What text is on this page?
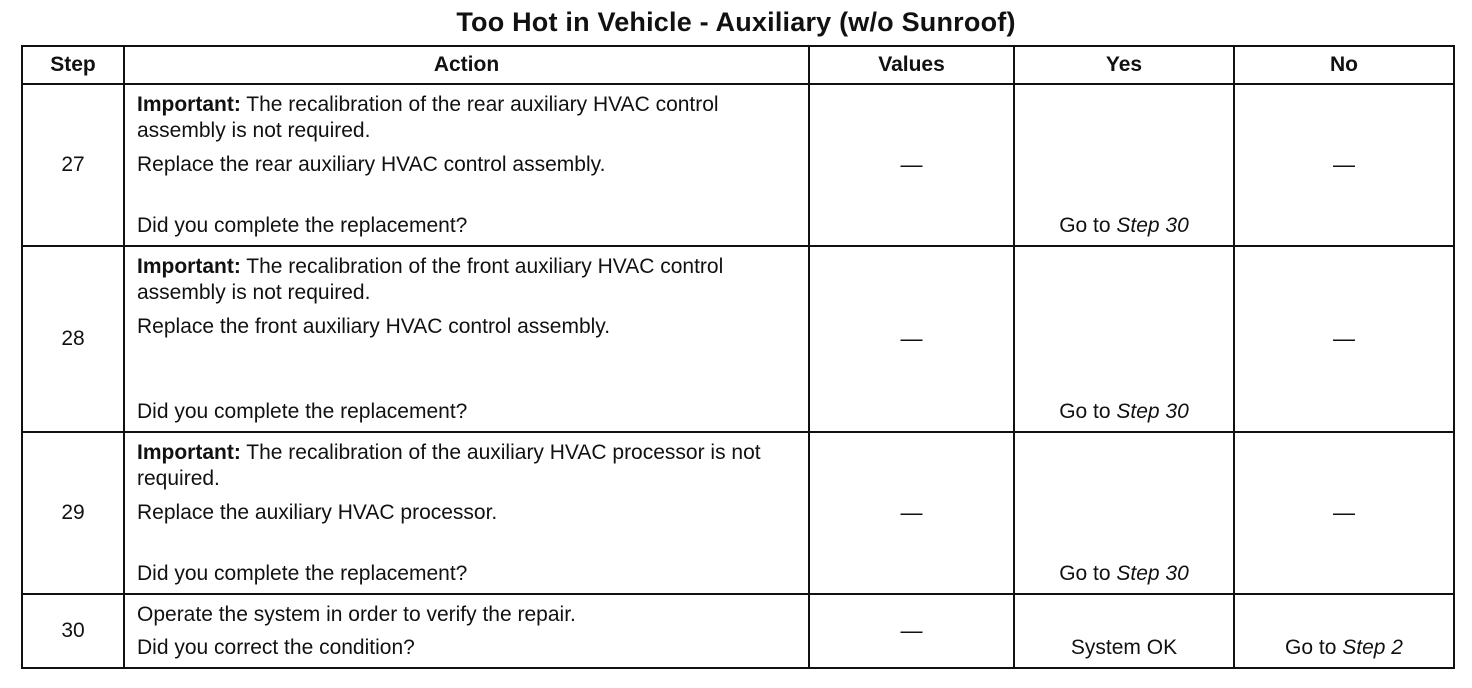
Too Hot in Vehicle - Auxiliary (w/o Sunroof)
Step	Action	Values	Yes	No
27	Important: The recalibration of the rear auxiliary HVAC control assembly is not required.
Replace the rear auxiliary HVAC control assembly.
Did you complete the replacement?	—	Go to Step 30	—
28	Important: The recalibration of the front auxiliary HVAC control assembly is not required.
Replace the front auxiliary HVAC control assembly.
Did you complete the replacement?	—	Go to Step 30	—
29	Important: The recalibration of the auxiliary HVAC processor is not required.
Replace the auxiliary HVAC processor.
Did you complete the replacement?	—	Go to Step 30	—
30	Operate the system in order to verify the repair.
Did you correct the condition?	—	System OK	Go to Step 2
